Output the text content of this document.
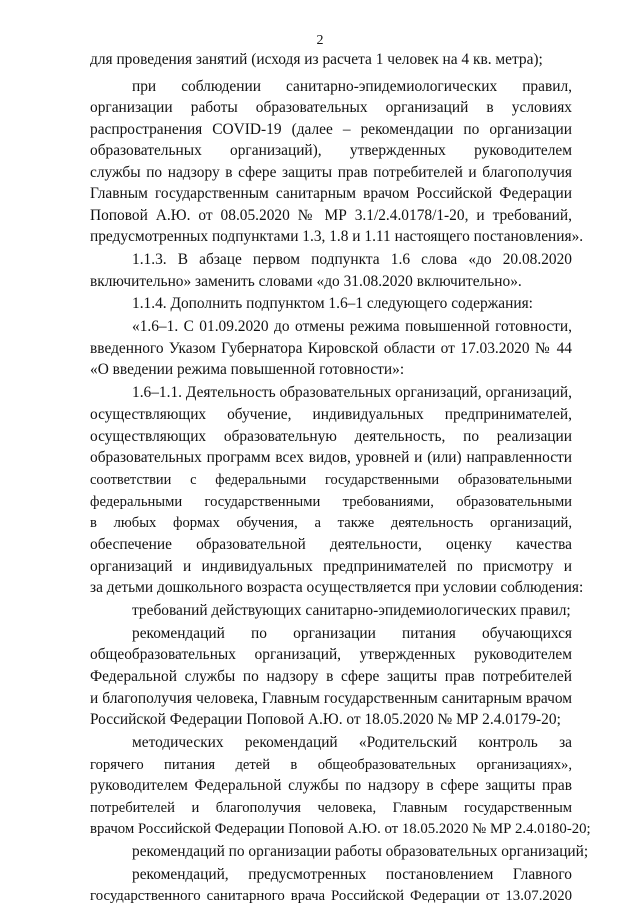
2
для проведения занятий (исходя из расчета 1 человек на 4 кв. метра);
при соблюдении санитарно-эпидемиологических правил,
организации работы образовательных организаций в условиях
распространения COVID-19 (далее – рекомендации по организации
образовательных организаций), утвержденных руководителем
службы по надзору в сфере защиты прав потребителей и благополучия
Главным государственным санитарным врачом Российской Федерации
Поповой А.Ю. от 08.05.2020 № МР 3.1/2.4.0178/1-20, и требований,
предусмотренных подпунктами 1.3, 1.8 и 1.11 настоящего постановления».
1.1.3. В абзаце первом подпункта 1.6 слова «до 20.08.2020
включительно» заменить словами «до 31.08.2020 включительно».
1.1.4. Дополнить подпунктом 1.6–1 следующего содержания:
«1.6–1. С 01.09.2020 до отмены режима повышенной готовности,
введенного Указом Губернатора Кировской области от 17.03.2020 № 44
«О введении режима повышенной готовности»:
1.6–1.1. Деятельность образовательных организаций, организаций,
осуществляющих обучение, индивидуальных предпринимателей,
осуществляющих образовательную деятельность, по реализации
образовательных программ всех видов, уровней и (или) направленности
соответствии с федеральными государственными образовательными
федеральными государственными требованиями, образовательными
в любых формах обучения, а также деятельность организаций,
обеспечение образовательной деятельности, оценку качества
организаций и индивидуальных предпринимателей по присмотру и
за детьми дошкольного возраста осуществляется при условии соблюдения:
требований действующих санитарно-эпидемиологических правил;
рекомендаций по организации питания обучающихся
общеобразовательных организаций, утвержденных руководителем
Федеральной службы по надзору в сфере защиты прав потребителей
и благополучия человека, Главным государственным санитарным врачом
Российской Федерации Поповой А.Ю. от 18.05.2020 № МР 2.4.0179-20;
методических рекомендаций «Родительский контроль за
горячего питания детей в общеобразовательных организациях»,
руководителем Федеральной службы по надзору в сфере защиты прав
потребителей и благополучия человека, Главным государственным
врачом Российской Федерации Поповой А.Ю. от 18.05.2020 № МР 2.4.0180-20;
рекомендаций по организации работы образовательных организаций;
рекомендаций, предусмотренных постановлением Главного
государственного санитарного врача Российской Федерации от 13.07.2020
